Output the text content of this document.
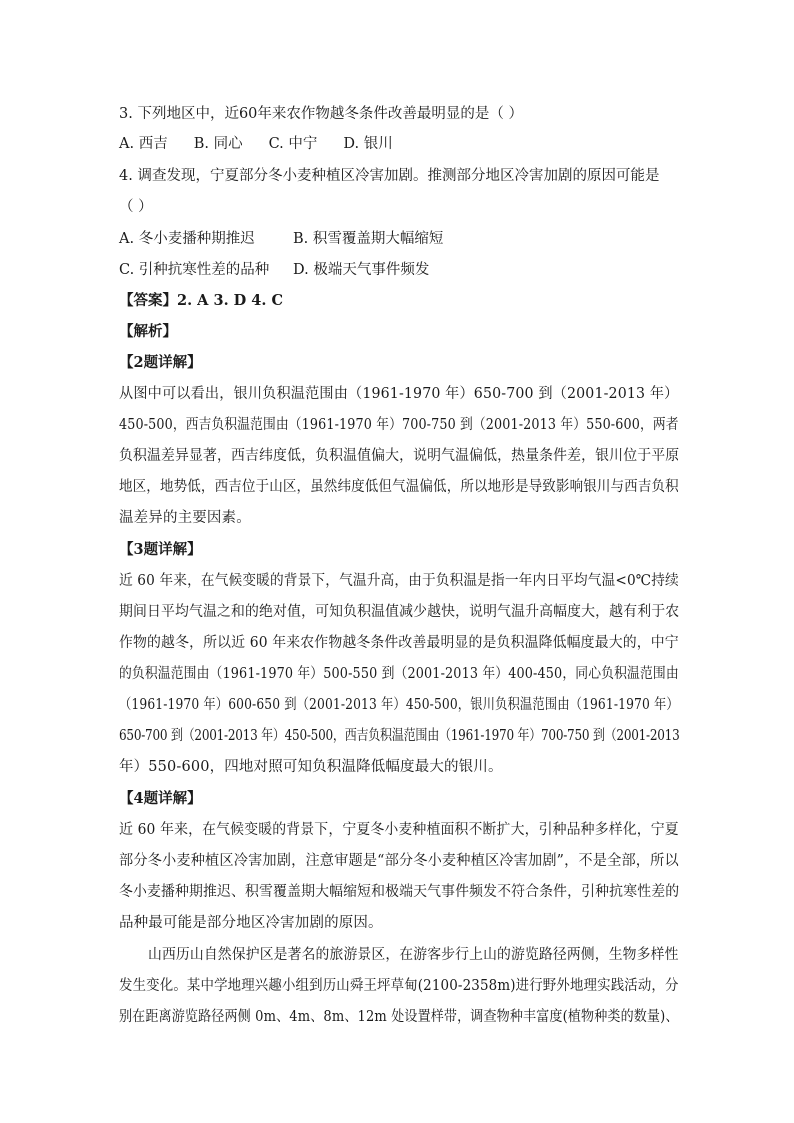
3. 下列地区中，近60年来农作物越冬条件改善最明显的是（ ）
A. 西吉 B. 同心 C. 中宁 D. 银川
4. 调查发现，宁夏部分冬小麦种植区冷害加剧。推测部分地区冷害加剧的原因可能是
（ ）
A. 冬小麦播种期推迟	B. 积雪覆盖期大幅缩短
C. 引种抗寒性差的品种 D. 极端天气事件频发
【答案】2. A 3. D 4. C
【解析】
【2题详解】
从图中可以看出，银川负积温范围由（1961-1970 年）650-700 到（2001-2013 年）
450-500，西吉负积温范围由（1961-1970 年）700-750 到（2001-2013 年）550-600，两者
负积温差异显著，西吉纬度低，负积温值偏大，说明气温偏低，热量条件差，银川位于平原
地区，地势低，西吉位于山区，虽然纬度低但气温偏低，所以地形是导致影响银川与西吉负积
温差异的主要因素。
【3题详解】
近 60 年来，在气候变暖的背景下，气温升高，由于负积温是指一年内日平均气温<0℃持续
期间日平均气温之和的绝对值，可知负积温值减少越快，说明气温升高幅度大，越有利于农
作物的越冬，所以近 60 年来农作物越冬条件改善最明显的是负积温降低幅度最大的，中宁
的负积温范围由（1961-1970 年）500-550 到（2001-2013 年）400-450，同心负积温范围由
（1961-1970 年）600-650 到（2001-2013 年）450-500，银川负积温范围由（1961-1970 年）
650-700 到（2001-2013 年）450-500，西吉负积温范围由（1961-1970 年）700-750 到（2001-2013
年）550-600，四地对照可知负积温降低幅度最大的银川。
【4题详解】
近 60 年来，在气候变暖的背景下，宁夏冬小麦种植面积不断扩大，引种品种多样化，宁夏
部分冬小麦种植区冷害加剧，注意审题是“部分冬小麦种植区冷害加剧”，不是全部，所以
冬小麦播种期推迟、积雪覆盖期大幅缩短和极端天气事件频发不符合条件，引种抗寒性差的
品种最可能是部分地区冷害加剧的原因。
山西历山自然保护区是著名的旅游景区，在游客步行上山的游览路径两侧，生物多样性
发生变化。某中学地理兴趣小组到历山舜王坪草甸(2100-2358m)进行野外地理实践活动，分
别在距离游览路径两侧 0m、4m、8m、12m 处设置样带，调查物种丰富度(植物种类的数量)、
